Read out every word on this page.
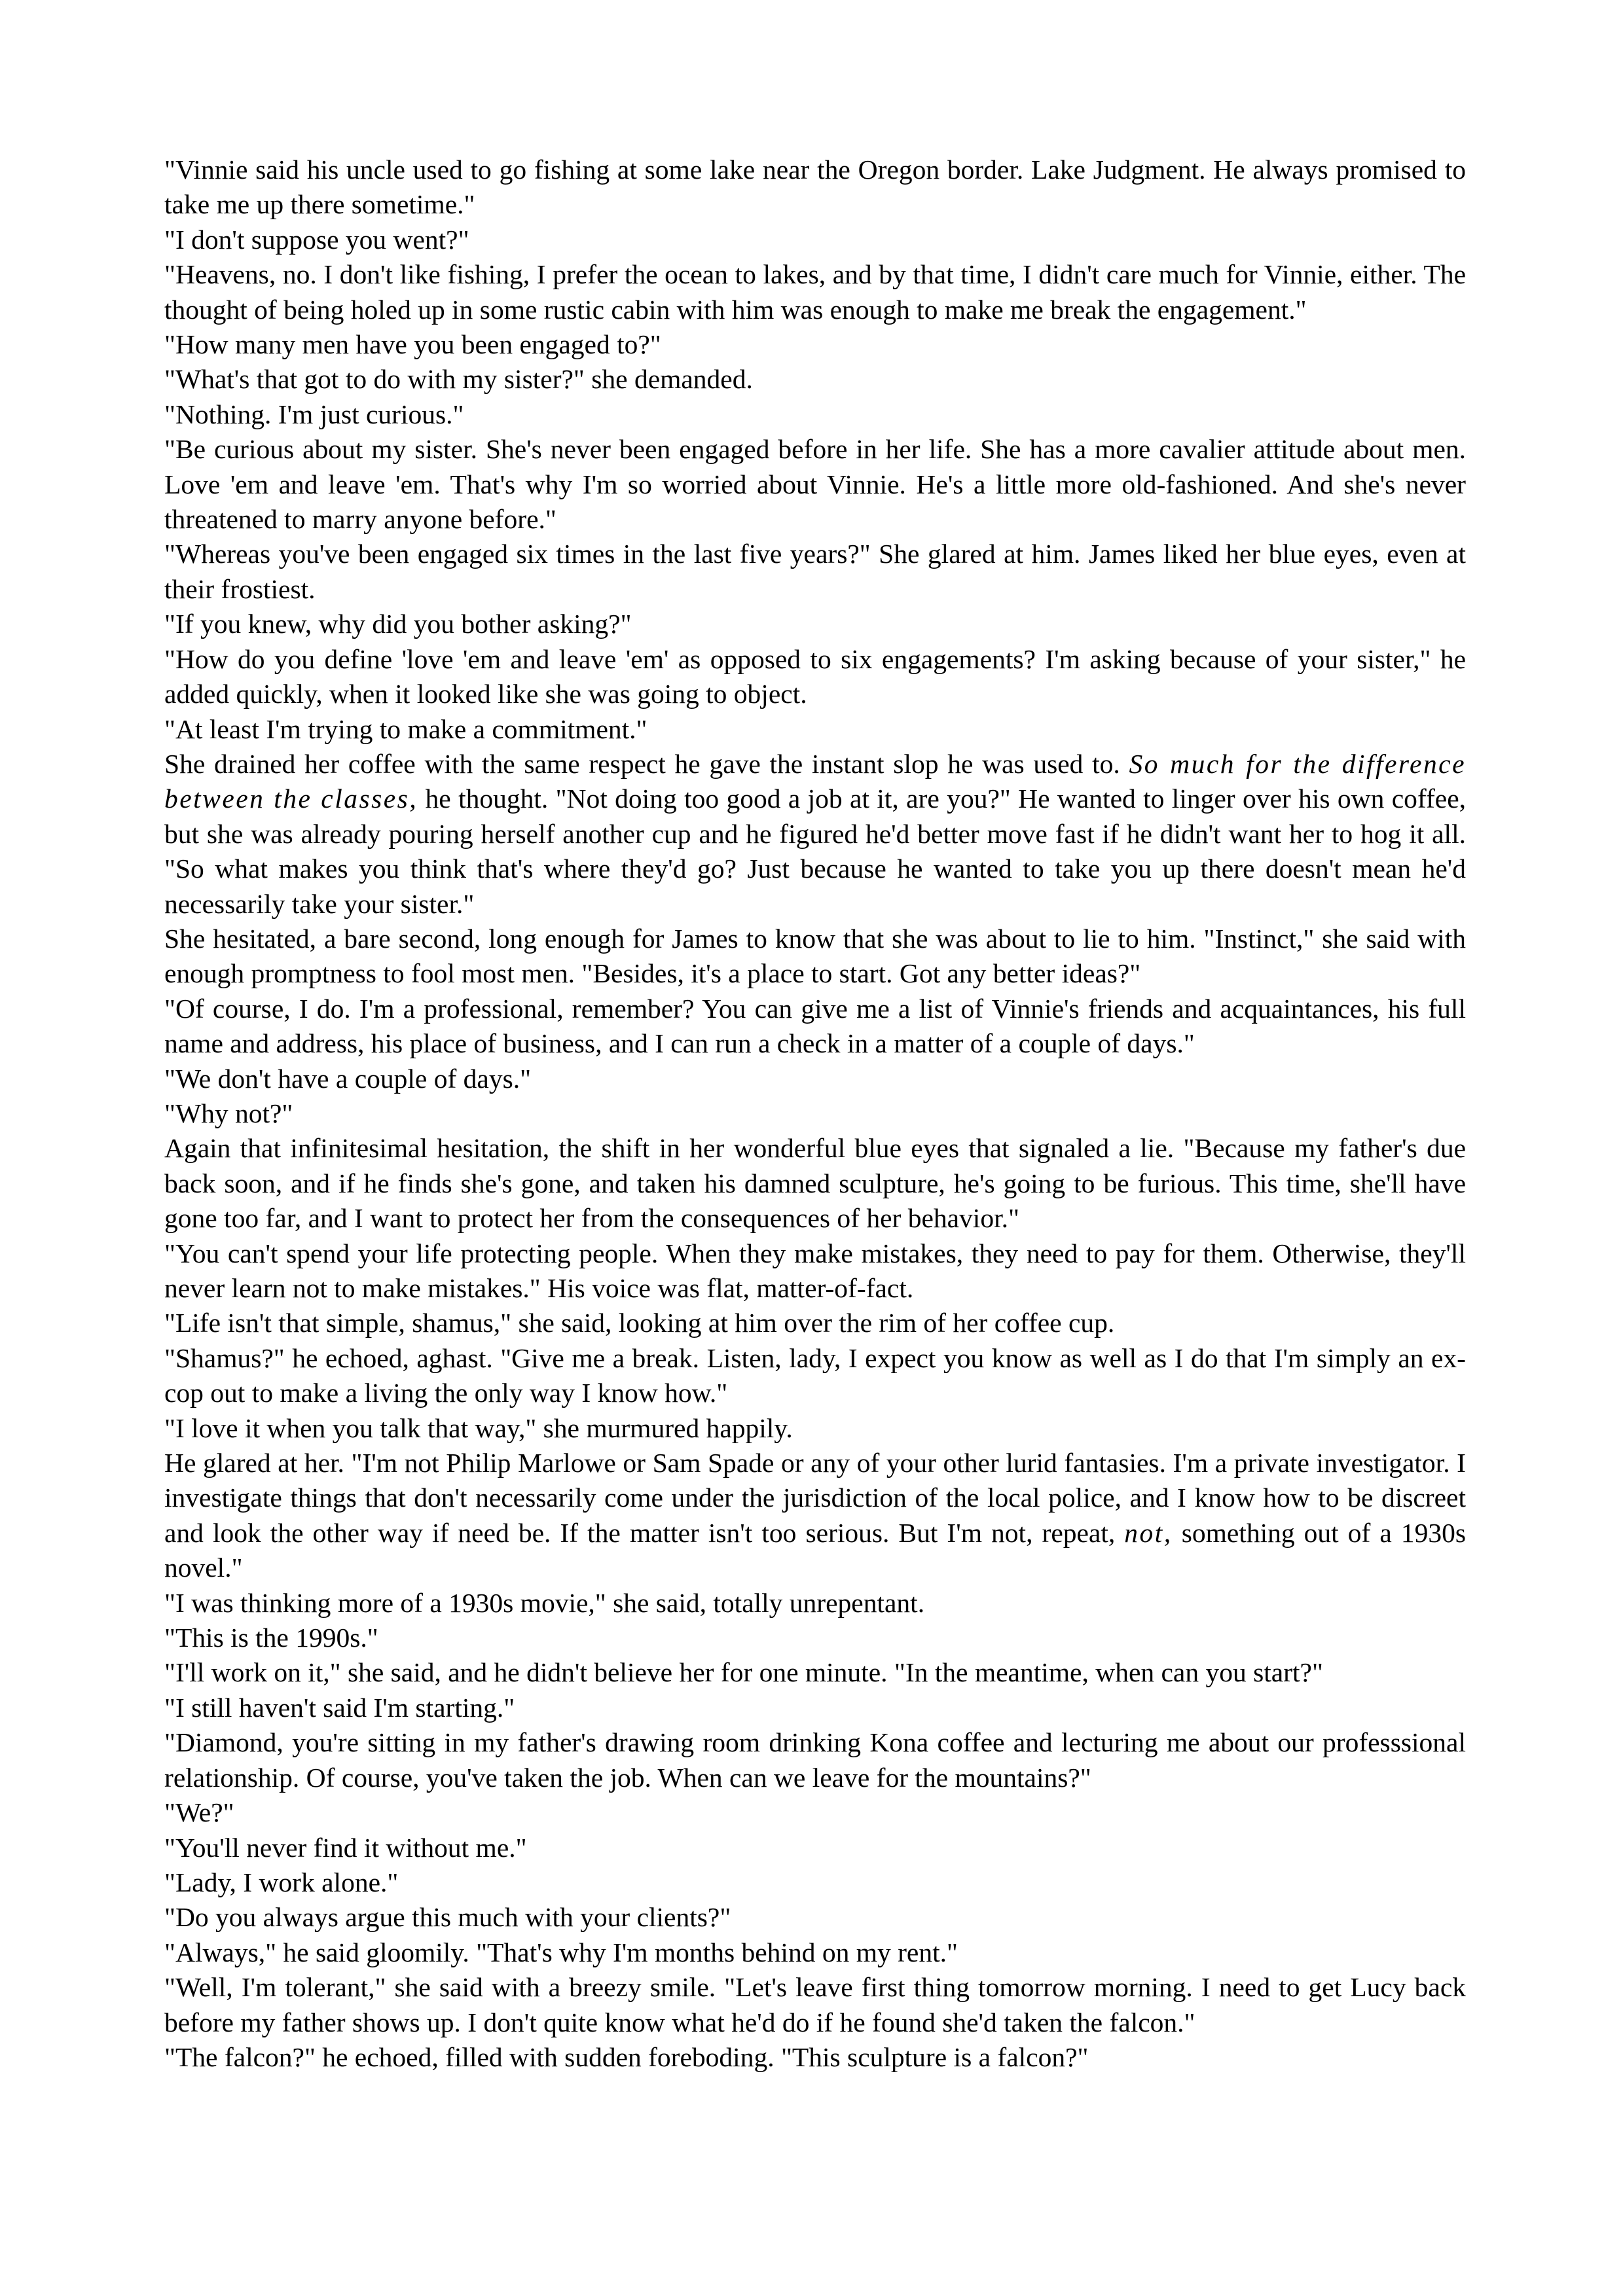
"Vinnie said his uncle used to go fishing at some lake near the Oregon border. Lake Judgment. He always promised to take me up there sometime."

"I don't suppose you went?"

"Heavens, no. I don't like fishing, I prefer the ocean to lakes, and by that time, I didn't care much for Vinnie, either. The thought of being holed up in some rustic cabin with him was enough to make me break the engagement."

"How many men have you been engaged to?"

"What's that got to do with my sister?" she demanded.

"Nothing. I'm just curious."

"Be curious about my sister. She's never been engaged before in her life. She has a more cavalier attitude about men. Love 'em and leave 'em. That's why I'm so worried about Vinnie. He's a little more old-fashioned. And she's never threatened to marry anyone before."

"Whereas you've been engaged six times in the last five years?" She glared at him. James liked her blue eyes, even at their frostiest.

"If you knew, why did you bother asking?"

"How do you define 'love 'em and leave 'em' as opposed to six engagements? I'm asking because of your sister," he added quickly, when it looked like she was going to object.

"At least I'm trying to make a commitment."

She drained her coffee with the same respect he gave the instant slop he was used to. So much for the difference between the classes, he thought. "Not doing too good a job at it, are you?" He wanted to linger over his own coffee, but she was already pouring herself another cup and he figured he'd better move fast if he didn't want her to hog it all. "So what makes you think that's where they'd go? Just because he wanted to take you up there doesn't mean he'd necessarily take your sister."

She hesitated, a bare second, long enough for James to know that she was about to lie to him. "Instinct," she said with enough promptness to fool most men. "Besides, it's a place to start. Got any better ideas?"

"Of course, I do. I'm a professional, remember? You can give me a list of Vinnie's friends and acquaintances, his full name and address, his place of business, and I can run a check in a matter of a couple of days."

"We don't have a couple of days."

"Why not?"

Again that infinitesimal hesitation, the shift in her wonderful blue eyes that signaled a lie. "Because my father's due back soon, and if he finds she's gone, and taken his damned sculpture, he's going to be furious. This time, she'll have gone too far, and I want to protect her from the consequences of her behavior."

"You can't spend your life protecting people. When they make mistakes, they need to pay for them. Otherwise, they'll never learn not to make mistakes." His voice was flat, matter-of-fact.

"Life isn't that simple, shamus," she said, looking at him over the rim of her coffee cup.

"Shamus?" he echoed, aghast. "Give me a break. Listen, lady, I expect you know as well as I do that I'm simply an ex-cop out to make a living the only way I know how."

"I love it when you talk that way," she murmured happily.

He glared at her. "I'm not Philip Marlowe or Sam Spade or any of your other lurid fantasies. I'm a private investigator. I investigate things that don't necessarily come under the jurisdiction of the local police, and I know how to be discreet and look the other way if need be. If the matter isn't too serious. But I'm not, repeat, not, something out of a 1930s novel."

"I was thinking more of a 1930s movie," she said, totally unrepentant.

"This is the 1990s."

"I'll work on it," she said, and he didn't believe her for one minute. "In the meantime, when can you start?"

"I still haven't said I'm starting."

"Diamond, you're sitting in my father's drawing room drinking Kona coffee and lecturing me about our professsional relationship. Of course, you've taken the job. When can we leave for the mountains?"

"We?"

"You'll never find it without me."

"Lady, I work alone."

"Do you always argue this much with your clients?"

"Always," he said gloomily. "That's why I'm months behind on my rent."

"Well, I'm tolerant," she said with a breezy smile. "Let's leave first thing tomorrow morning. I need to get Lucy back before my father shows up. I don't quite know what he'd do if he found she'd taken the falcon."

"The falcon?" he echoed, filled with sudden foreboding. "This sculpture is a falcon?"
